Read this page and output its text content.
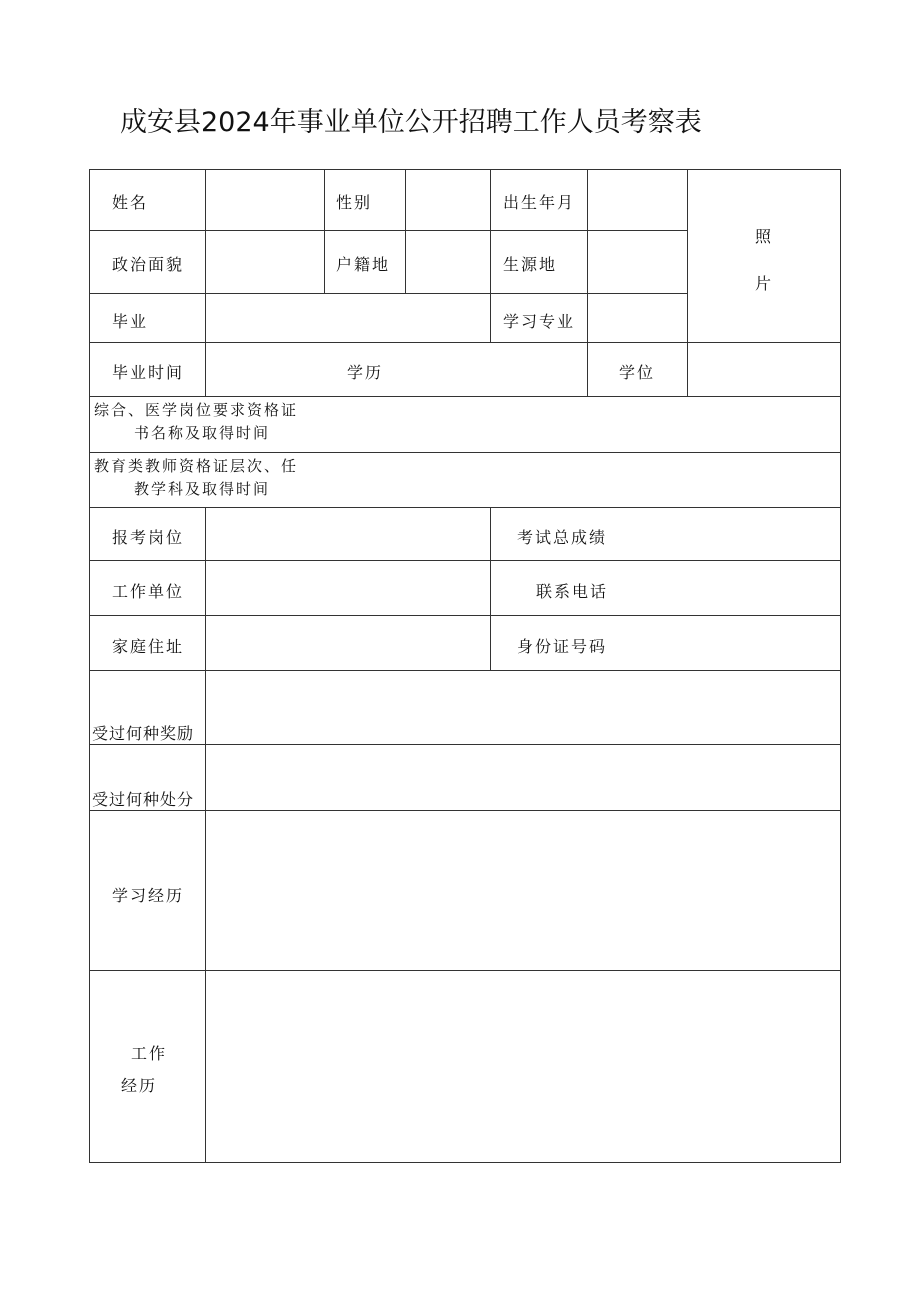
成安县2024年事业单位公开招聘工作人员考察表
姓名	性别	出生年月
照
片
政治面貌	户籍地	生源地
毕业	学习专业
毕业时间	学历	学位
综合、医学岗位要求资格证
书名称及取得时间
教育类教师资格证层次、任
教学科及取得时间
报考岗位	考试总成绩
工作单位	联系电话
家庭住址	身份证号码
受过何种奖励
受过何种处分
学习经历
工作
经历
